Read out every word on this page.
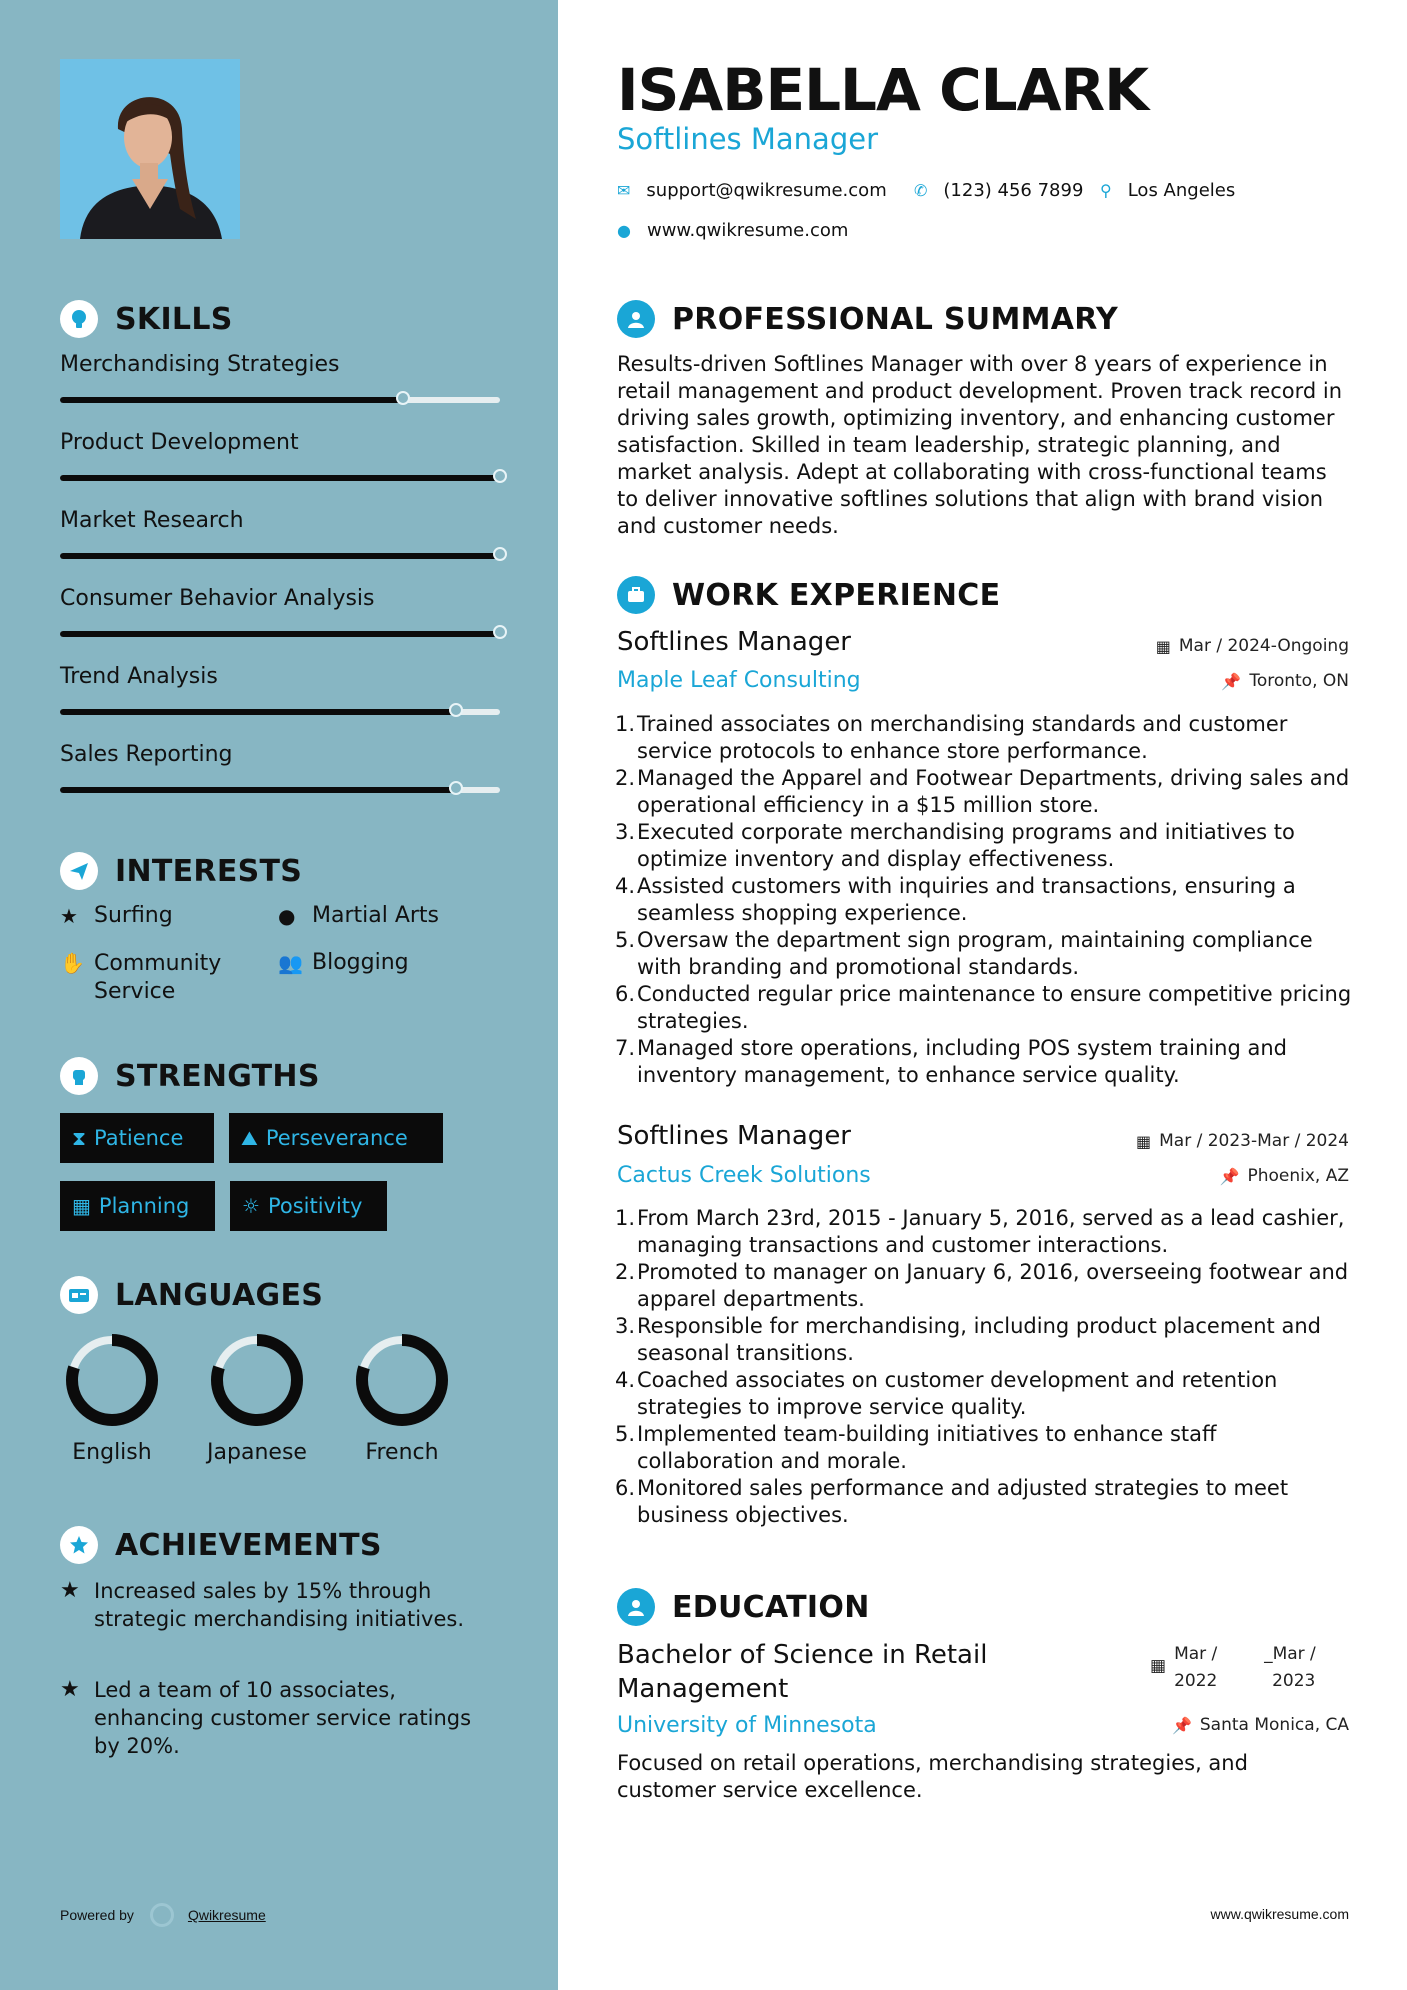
SKILLS
Merchandising Strategies
Product Development
Market Research
Consumer Behavior Analysis
Trend Analysis
Sales Reporting
INTERESTS
★ Surfing	● Martial Arts
✋ Community Service
👥 Blogging
STRENGTHS
⧗ Patience	⛰ Perseverance
▦ Planning	☼ Positivity
LANGUAGES
English	Japanese	French
ACHIEVEMENTS
★ Increased sales by 15% through strategic merchandising initiatives.
★ Led a team of 10 associates, enhancing customer service ratings by 20%.
Powered by	Qwikresume
ISABELLA CLARK
Softlines Manager
✉ support@qwikresume.com ✆ (123) 456 7899 ⚲ Los Angeles
● www.qwikresume.com
PROFESSIONAL SUMMARY
Results-driven Softlines Manager with over 8 years of experience in retail management and product development. Proven track record in driving sales growth, optimizing inventory, and enhancing customer satisfaction. Skilled in team leadership, strategic planning, and market analysis. Adept at collaborating with cross-functional teams to deliver innovative softlines solutions that align with brand vision and customer needs.
WORK EXPERIENCE
Softlines Manager	▦ Mar / 2024-Ongoing
Maple Leaf Consulting	📌 Toronto, ON
1. Trained associates on merchandising standards and customer service protocols to enhance store performance.
2. Managed the Apparel and Footwear Departments, driving sales and operational efficiency in a $15 million store.
3. Executed corporate merchandising programs and initiatives to optimize inventory and display effectiveness.
4. Assisted customers with inquiries and transactions, ensuring a seamless shopping experience.
5. Oversaw the department sign program, maintaining compliance with branding and promotional standards.
6. Conducted regular price maintenance to ensure competitive pricing strategies.
7. Managed store operations, including POS system training and inventory management, to enhance service quality.
Softlines Manager	▦ Mar / 2023-Mar / 2024
Cactus Creek Solutions	📌 Phoenix, AZ
1. From March 23rd, 2015 - January 5, 2016, served as a lead cashier, managing transactions and customer interactions.
2. Promoted to manager on January 6, 2016, overseeing footwear and apparel departments.
3. Responsible for merchandising, including product placement and seasonal transitions.
4. Coached associates on customer development and retention strategies to improve service quality.
5. Implemented team-building initiatives to enhance staff collaboration and morale.
6. Monitored sales performance and adjusted strategies to meet business objectives.
EDUCATION
Bachelor of Science in Retail Management
▦
Mar /
2022
_Mar /
2023
University of Minnesota	📌 Santa Monica, CA
Focused on retail operations, merchandising strategies, and customer service excellence.
www.qwikresume.com
